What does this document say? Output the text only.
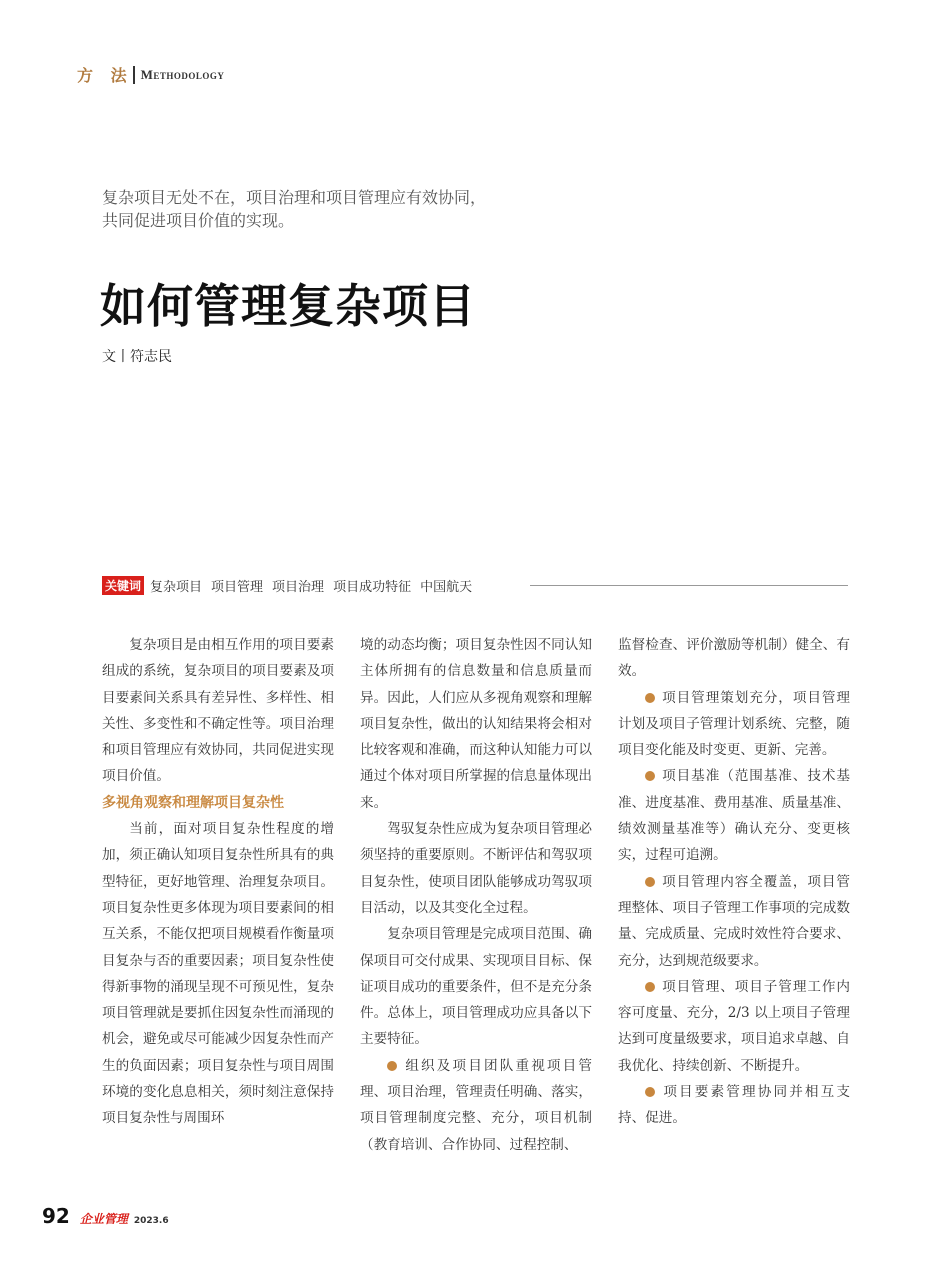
方 法 Methodology
复杂项目无处不在，项目治理和项目管理应有效协同，
共同促进项目价值的实现。
如何管理复杂项目
文丨符志民
关键词 复杂项目 项目管理 项目治理 项目成功特征 中国航天

复杂项目是由相互作用的项目要素组成的系统，复杂项目的项目要素及项目要素间关系具有差异性、多样性、相关性、多变性和不确定性等。项目治理和项目管理应有效协同，共同促进实现项目价值。

多视角观察和理解项目复杂性

当前，面对项目复杂性程度的增加，须正确认知项目复杂性所具有的典型特征，更好地管理、治理复杂项目。项目复杂性更多体现为项目要素间的相互关系，不能仅把项目规模看作衡量项目复杂与否的重要因素；项目复杂性使得新事物的涌现呈现不可预见性，复杂项目管理就是要抓住因复杂性而涌现的机会，避免或尽可能减少因复杂性而产生的负面因素；项目复杂性与项目周围环境的变化息息相关，须时刻注意保持项目复杂性与周围环

境的动态均衡；项目复杂性因不同认知主体所拥有的信息数量和信息质量而异。因此，人们应从多视角观察和理解项目复杂性，做出的认知结果将会相对比较客观和准确，而这种认知能力可以通过个体对项目所掌握的信息量体现出来。

驾驭复杂性应成为复杂项目管理必须坚持的重要原则。不断评估和驾驭项目复杂性，使项目团队能够成功驾驭项目活动，以及其变化全过程。

复杂项目管理是完成项目范围、确保项目可交付成果、实现项目目标、保证项目成功的重要条件，但不是充分条件。总体上，项目管理成功应具备以下主要特征。

组织及项目团队重视项目管理、项目治理，管理责任明确、落实，项目管理制度完整、充分，项目机制（教育培训、合作协同、过程控制、

监督检查、评价激励等机制）健全、有效。

项目管理策划充分，项目管理计划及项目子管理计划系统、完整，随项目变化能及时变更、更新、完善。

项目基准（范围基准、技术基准、进度基准、费用基准、质量基准、绩效测量基准等）确认充分、变更核实，过程可追溯。

项目管理内容全覆盖，项目管理整体、项目子管理工作事项的完成数量、完成质量、完成时效性符合要求、充分，达到规范级要求。

项目管理、项目子管理工作内容可度量、充分，2/3 以上项目子管理达到可度量级要求，项目追求卓越、自我优化、持续创新、不断提升。

项目要素管理协同并相互支持、促进。

92 企业管理 2023.6
